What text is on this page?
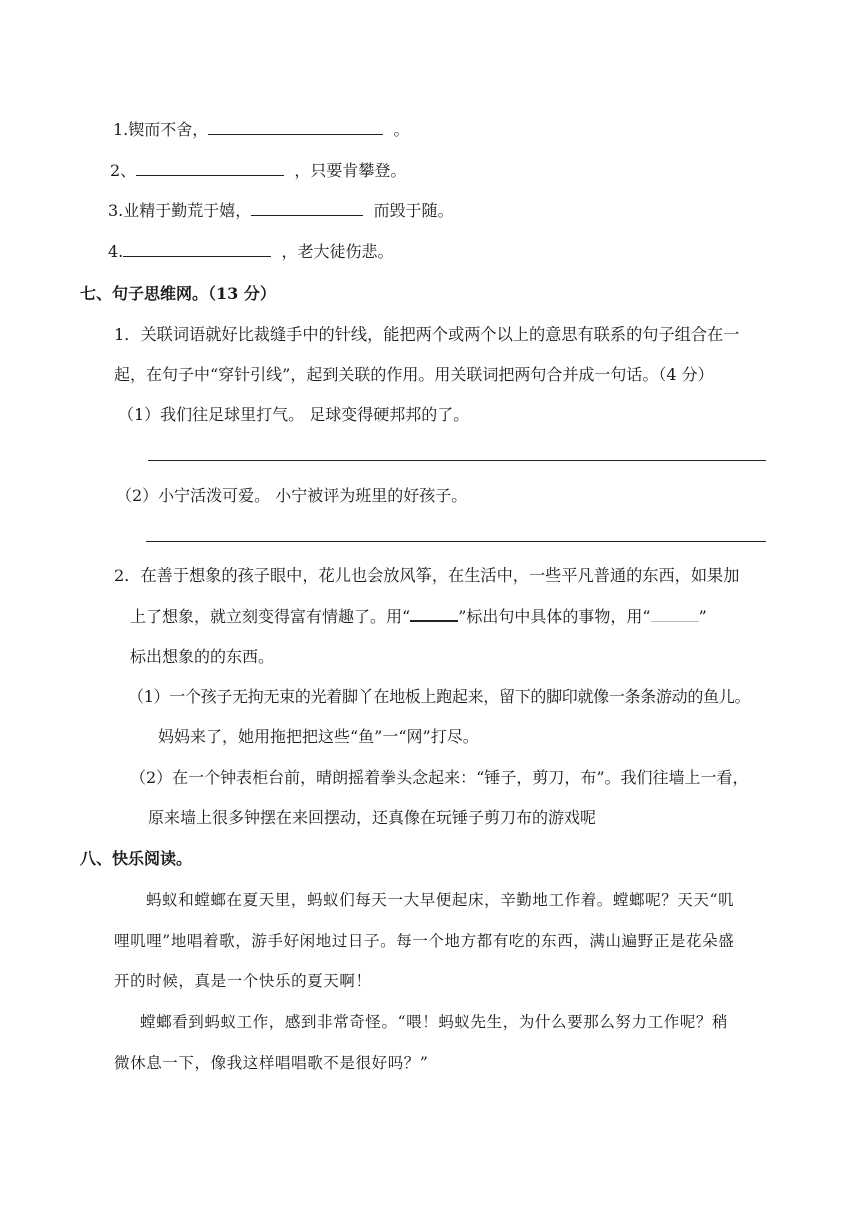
1.锲而不舍，	。
2、	，只要肯攀登。
3.业精于勤荒于嬉，	而毁于随。
4.	，老大徒伤悲。
七、句子思维网。（13 分）
1．关联词语就好比裁缝手中的针线，能把两个或两个以上的意思有联系的句子组合在一
起，在句子中“穿针引线”，起到关联的作用。用关联词把两句合并成一句话。（4 分）
（1）我们往足球里打气。 足球变得硬邦邦的了。
（2）小宁活泼可爱。 小宁被评为班里的好孩子。
2．在善于想象的孩子眼中，花儿也会放风筝，在生活中，一些平凡普通的东西，如果加
上了想象，就立刻变得富有情趣了。用“	”标出句中具体的事物，用“	”
标出想象的的东西。
（1）一个孩子无拘无束的光着脚丫在地板上跑起来，留下的脚印就像一条条游动的鱼儿。
妈妈来了，她用拖把把这些“鱼”一“网”打尽。
（2）在一个钟表柜台前，晴朗摇着拳头念起来：“锤子，剪刀，布”。我们往墙上一看，
原来墙上很多钟摆在来回摆动，还真像在玩锤子剪刀布的游戏呢
八、快乐阅读。
蚂蚁和螳螂在夏天里，蚂蚁们每天一大早便起床，辛勤地工作着。螳螂呢？天天“叽
哩叽哩”地唱着歌，游手好闲地过日子。每一个地方都有吃的东西，满山遍野正是花朵盛
开的时候，真是一个快乐的夏天啊！
螳螂看到蚂蚁工作，感到非常奇怪。“喂！蚂蚁先生，为什么要那么努力工作呢？稍
微休息一下，像我这样唱唱歌不是很好吗？”
